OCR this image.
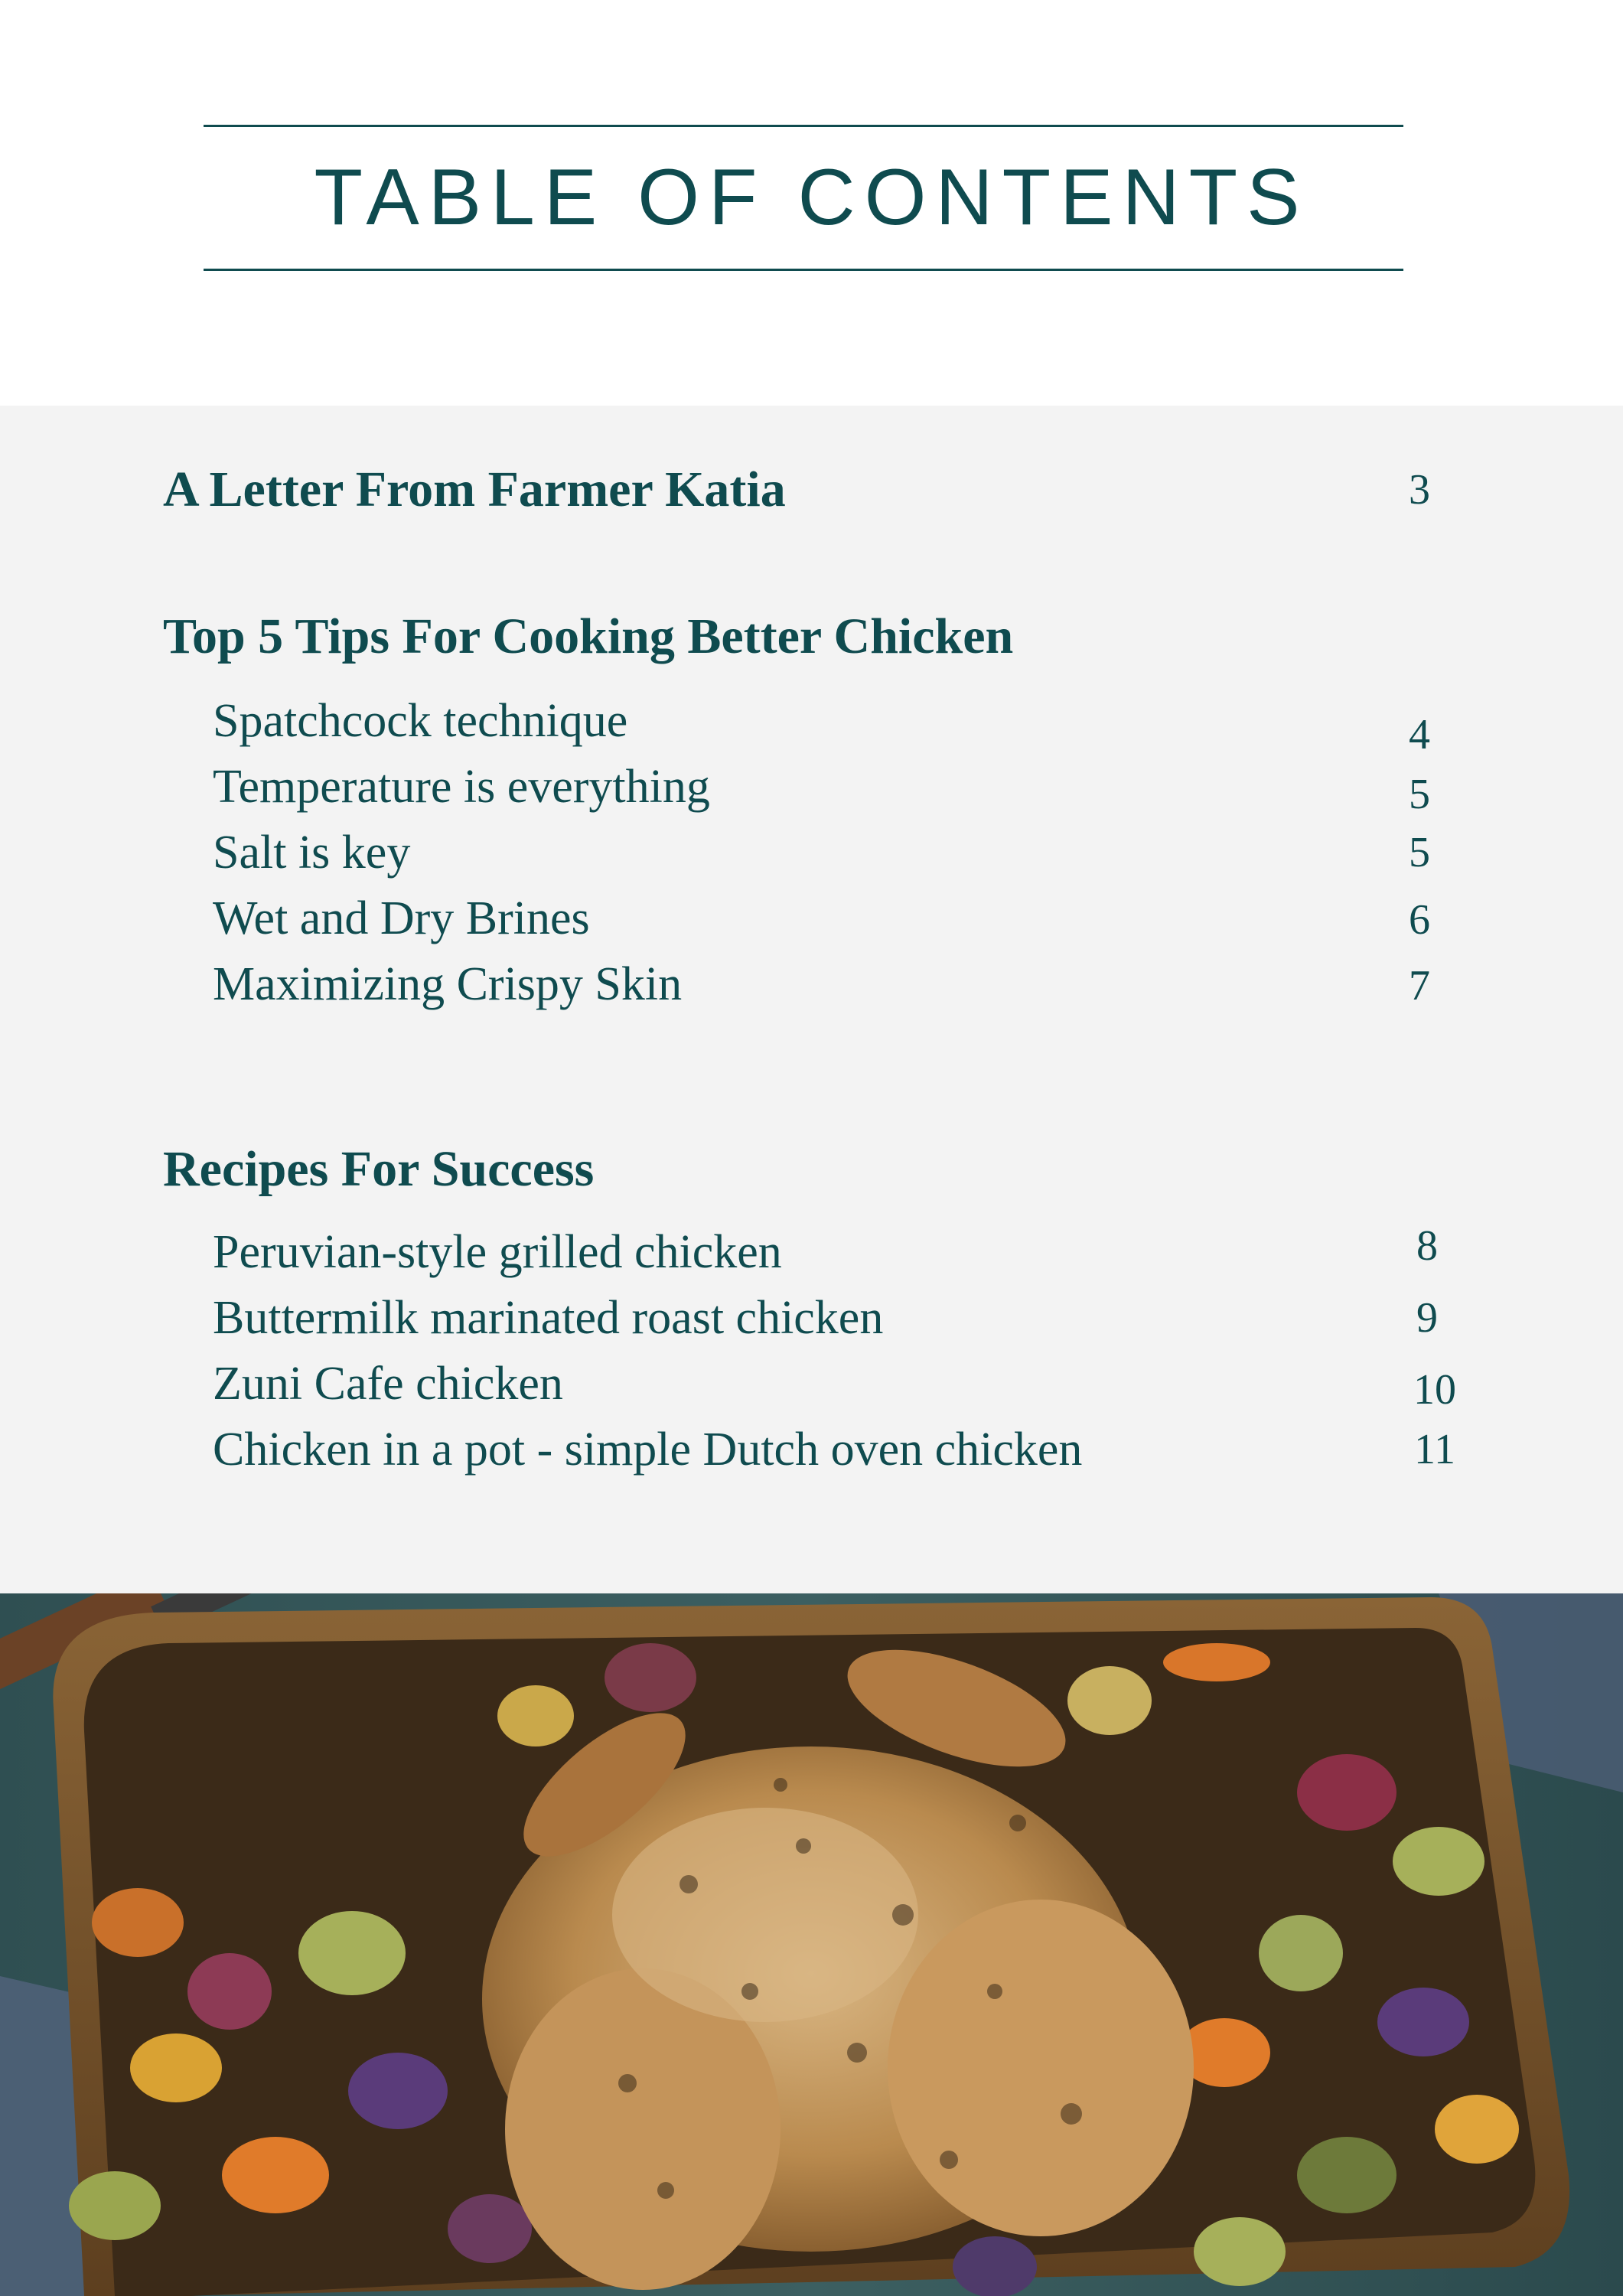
TABLE OF CONTENTS
A Letter From Farmer Katia	3
Top 5 Tips For Cooking Better Chicken
Spatchcock technique	4
Temperature is everything	5
Salt is key	5
Wet and Dry Brines	6
Maximizing Crispy Skin	7
Recipes For Success
Peruvian-style grilled chicken	8
Buttermilk marinated roast chicken	9
Zuni Cafe chicken	10
Chicken in a pot - simple Dutch oven chicken	11
